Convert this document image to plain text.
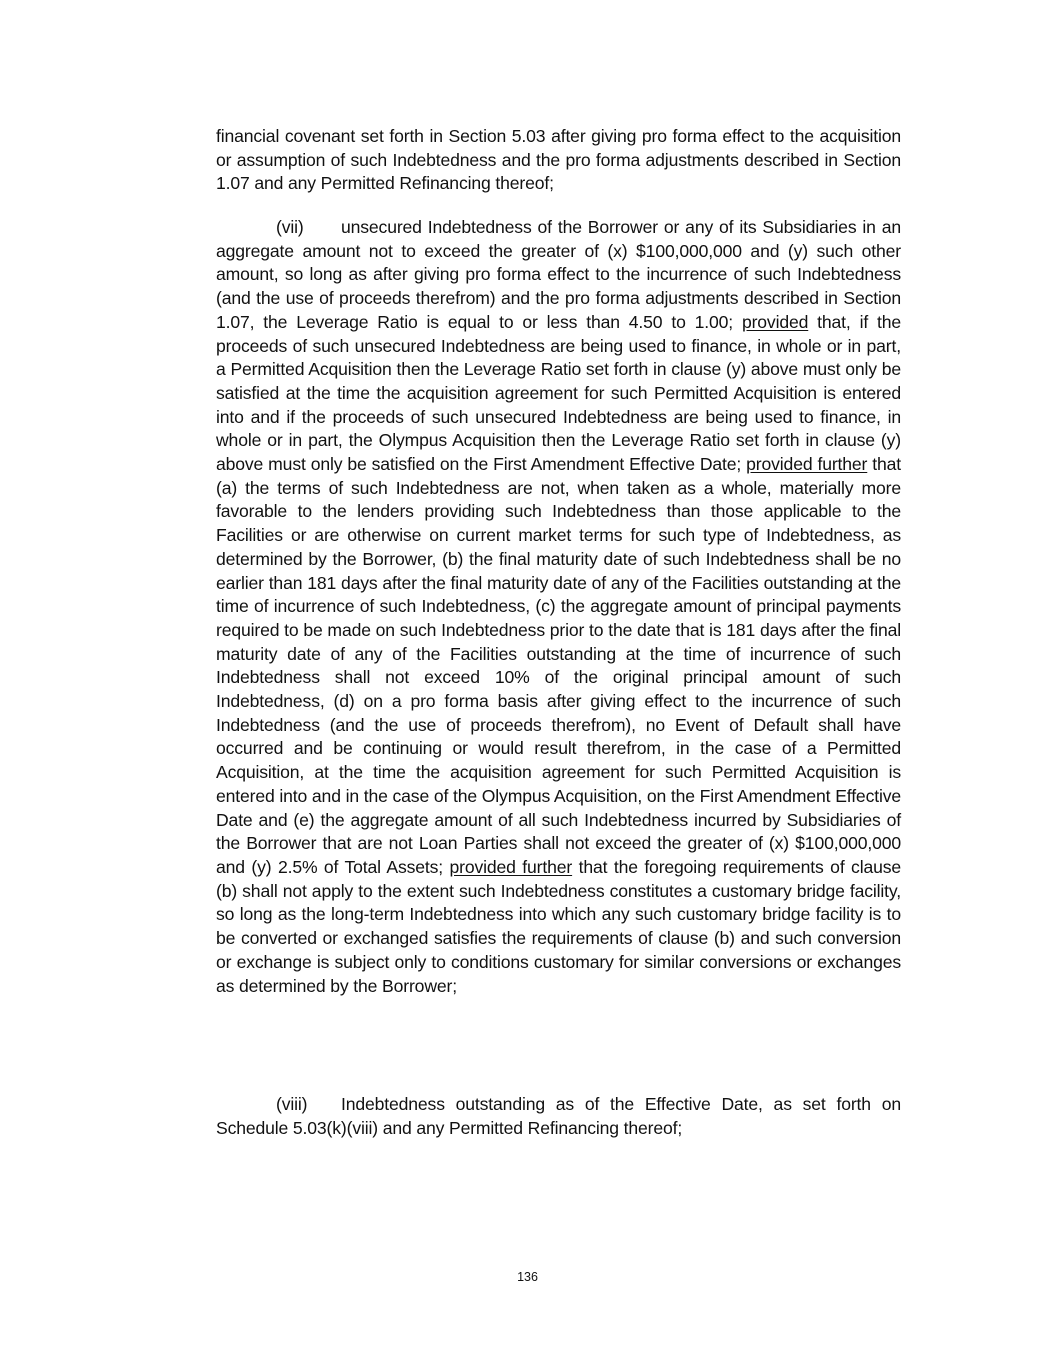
financial covenant set forth in Section 5.03 after giving pro forma effect to the acquisition or assumption of such Indebtedness and the pro forma adjustments described in Section 1.07 and any Permitted Refinancing thereof;

(vii) unsecured Indebtedness of the Borrower or any of its Subsidiaries in an aggregate amount not to exceed the greater of (x) $100,000,000 and (y) such other amount, so long as after giving pro forma effect to the incurrence of such Indebtedness (and the use of proceeds therefrom) and the pro forma adjustments described in Section 1.07, the Leverage Ratio is equal to or less than 4.50 to 1.00; provided that, if the proceeds of such unsecured Indebtedness are being used to finance, in whole or in part, a Permitted Acquisition then the Leverage Ratio set forth in clause (y) above must only be satisfied at the time the acquisition agreement for such Permitted Acquisition is entered into and if the proceeds of such unsecured Indebtedness are being used to finance, in whole or in part, the Olympus Acquisition then the Leverage Ratio set forth in clause (y) above must only be satisfied on the First Amendment Effective Date; provided further that (a) the terms of such Indebtedness are not, when taken as a whole, materially more favorable to the lenders providing such Indebtedness than those applicable to the Facilities or are otherwise on current market terms for such type of Indebtedness, as determined by the Borrower, (b) the final maturity date of such Indebtedness shall be no earlier than 181 days after the final maturity date of any of the Facilities outstanding at the time of incurrence of such Indebtedness, (c) the aggregate amount of principal payments required to be made on such Indebtedness prior to the date that is 181 days after the final maturity date of any of the Facilities outstanding at the time of incurrence of such Indebtedness shall not exceed 10% of the original principal amount of such Indebtedness, (d) on a pro forma basis after giving effect to the incurrence of such Indebtedness (and the use of proceeds therefrom), no Event of Default shall have occurred and be continuing or would result therefrom, in the case of a Permitted Acquisition, at the time the acquisition agreement for such Permitted Acquisition is entered into and in the case of the Olympus Acquisition, on the First Amendment Effective Date and (e) the aggregate amount of all such Indebtedness incurred by Subsidiaries of the Borrower that are not Loan Parties shall not exceed the greater of (x) $100,000,000 and (y) 2.5% of Total Assets; provided further that the foregoing requirements of clause (b) shall not apply to the extent such Indebtedness constitutes a customary bridge facility, so long as the long-term Indebtedness into which any such customary bridge facility is to be converted or exchanged satisfies the requirements of clause (b) and such conversion or exchange is subject only to conditions customary for similar conversions or exchanges as determined by the Borrower;

(viii) Indebtedness outstanding as of the Effective Date, as set forth on Schedule 5.03(k)(viii) and any Permitted Refinancing thereof;

136
